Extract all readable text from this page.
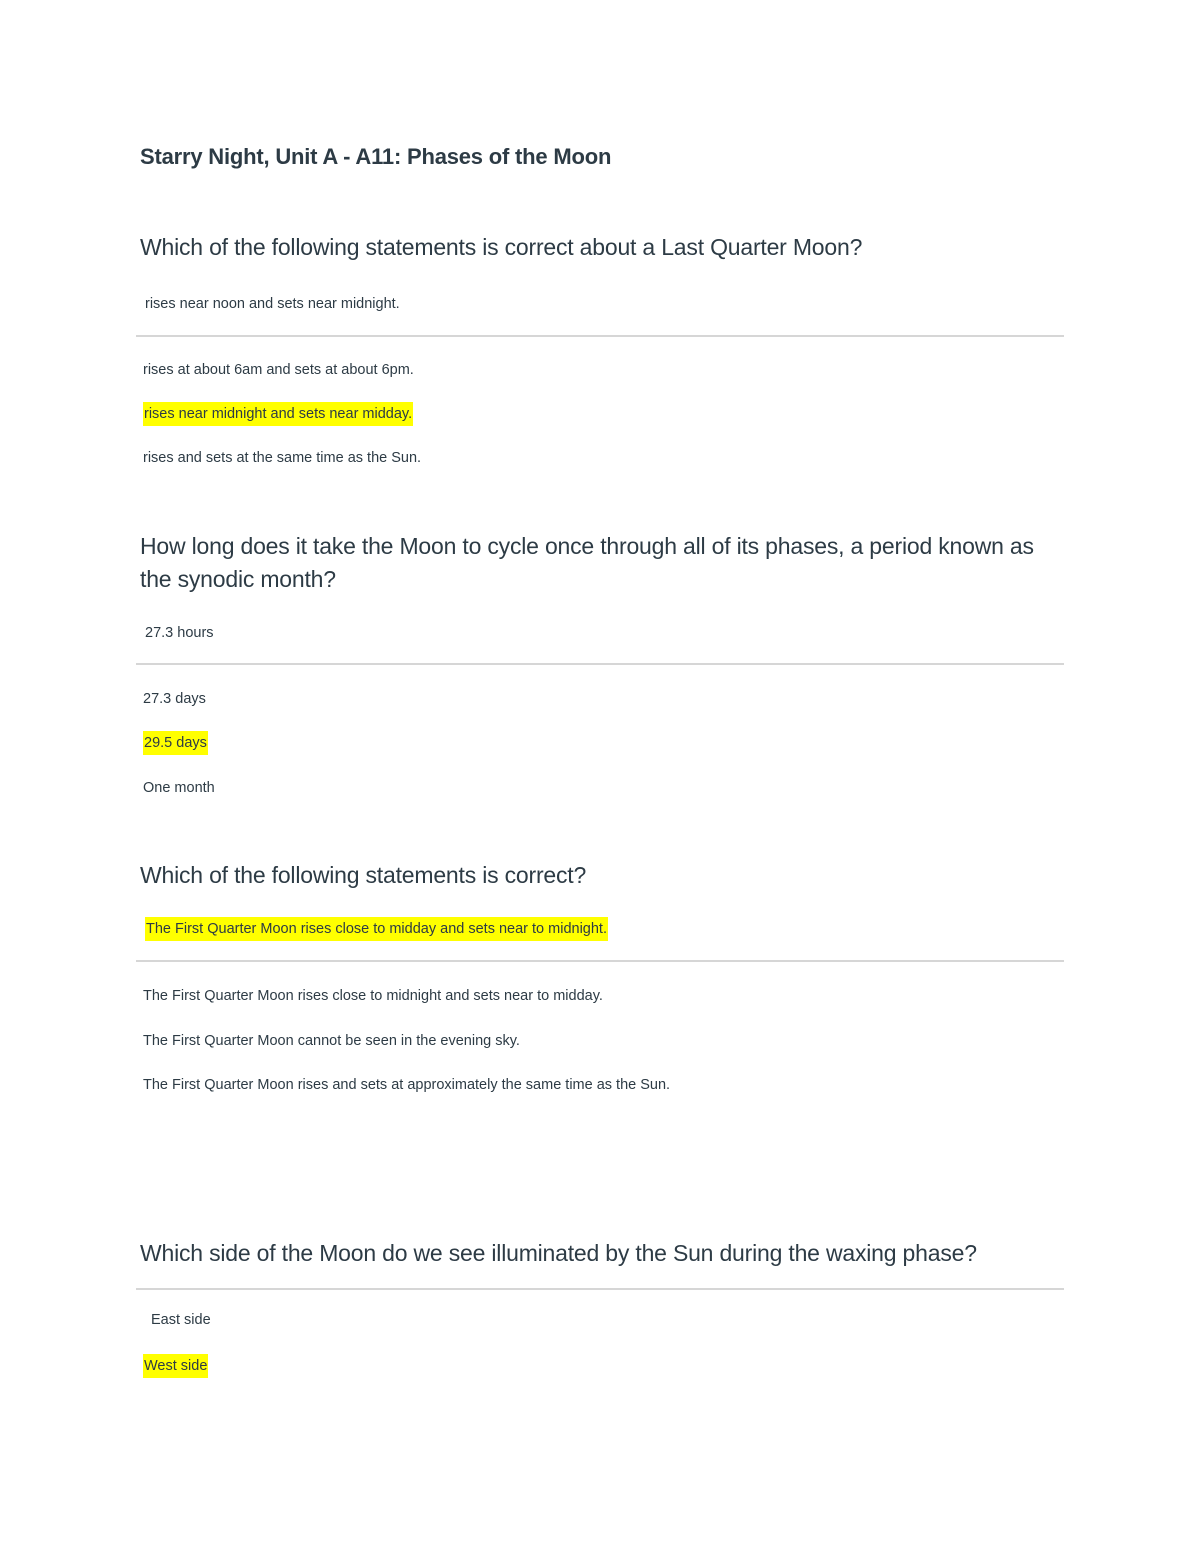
Starry Night, Unit A - A11: Phases of the Moon
Which of the following statements is correct about a Last Quarter Moon?

rises near noon and sets near midnight.

rises at about 6am and sets at about 6pm.

rises near midnight and sets near midday.

rises and sets at the same time as the Sun.

How long does it take the Moon to cycle once through all of its phases, a period known as the synodic month?

27.3 hours

27.3 days

29.5 days

One month

Which of the following statements is correct?

The First Quarter Moon rises close to midday and sets near to midnight.

The First Quarter Moon rises close to midnight and sets near to midday.

The First Quarter Moon cannot be seen in the evening sky.

The First Quarter Moon rises and sets at approximately the same time as the Sun.

Which side of the Moon do we see illuminated by the Sun during the waxing phase?

East side

West side
